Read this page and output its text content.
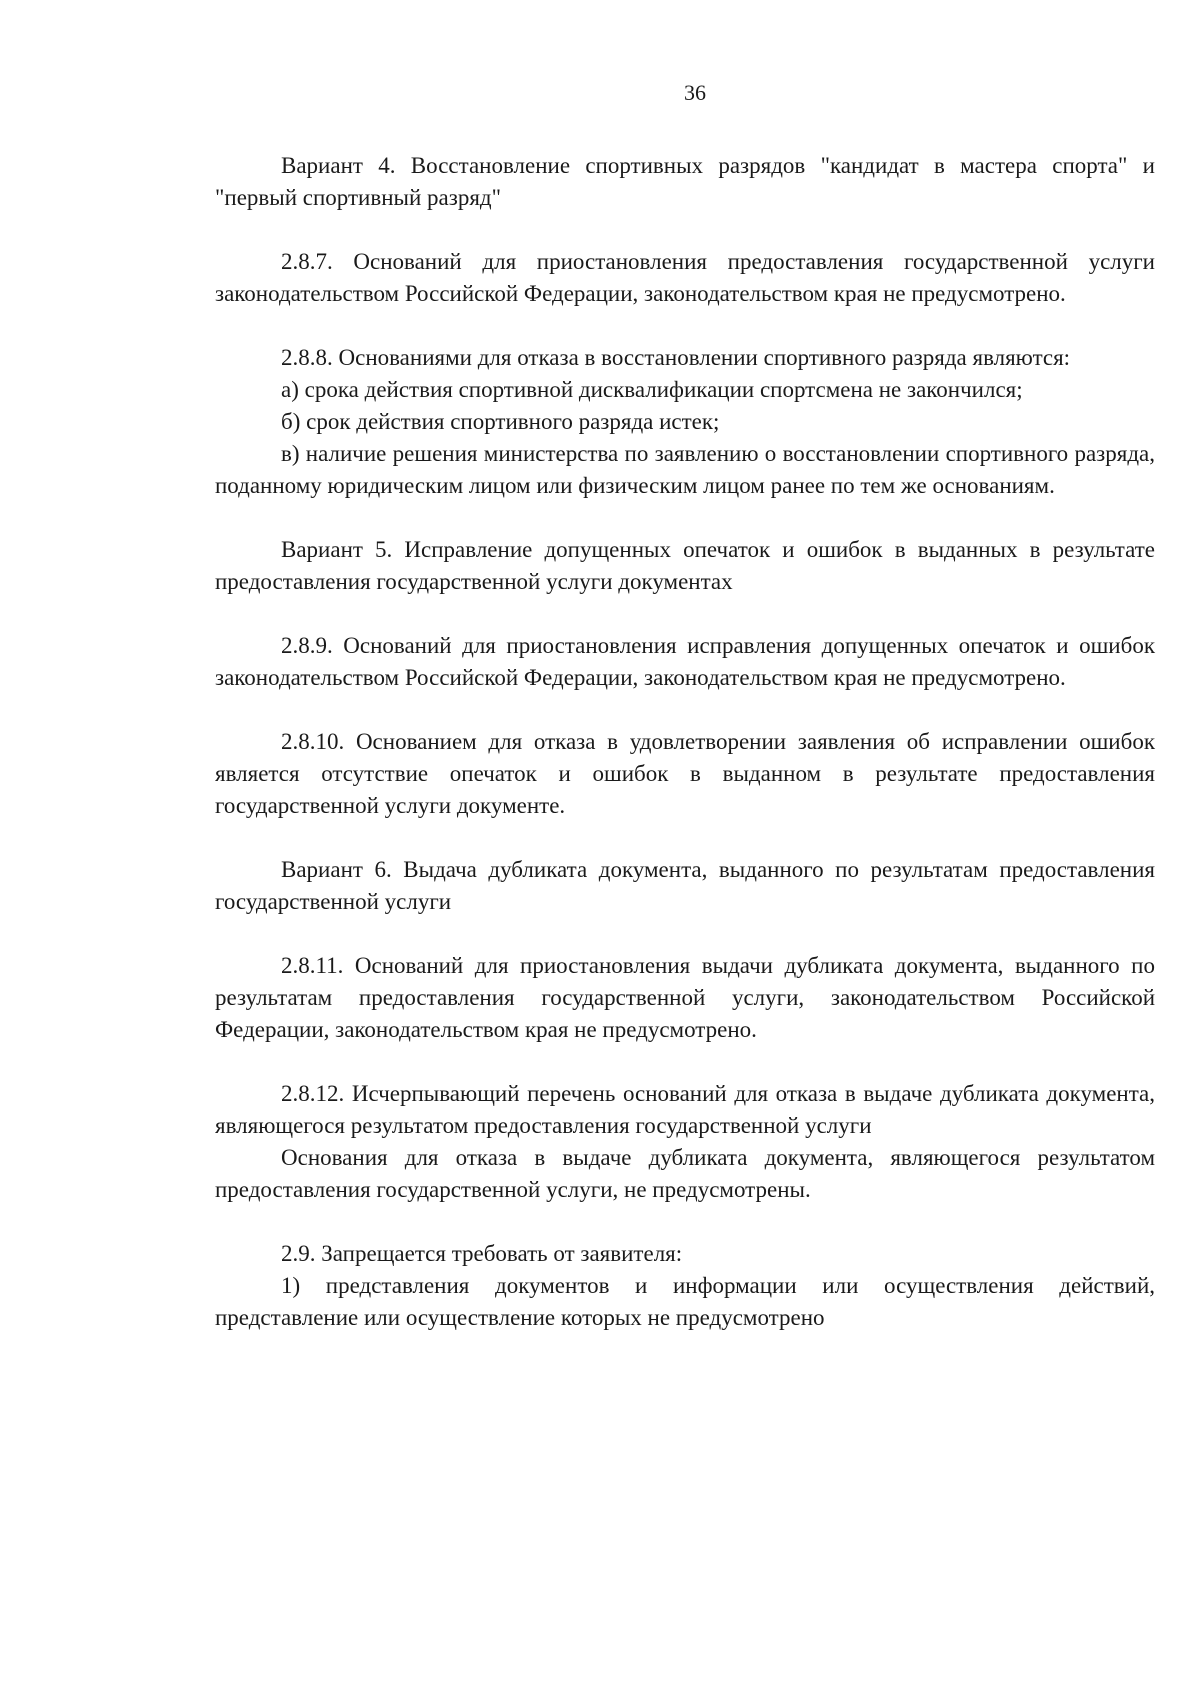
36

Вариант 4. Восстановление спортивных разрядов "кандидат в мастера спорта" и "первый спортивный разряд"

2.8.7. Оснований для приостановления предоставления государственной услуги законодательством Российской Федерации, законодательством края не предусмотрено.

2.8.8. Основаниями для отказа в восстановлении спортивного разряда являются:

а) срока действия спортивной дисквалификации спортсмена не закончился;

б) срок действия спортивного разряда истек;

в) наличие решения министерства по заявлению о восстановлении спортивного разряда, поданному юридическим лицом или физическим лицом ранее по тем же основаниям.

Вариант 5. Исправление допущенных опечаток и ошибок в выданных в результате предоставления государственной услуги документах

2.8.9. Оснований для приостановления исправления допущенных опечаток и ошибок законодательством Российской Федерации, законодательством края не предусмотрено.

2.8.10. Основанием для отказа в удовлетворении заявления об исправлении ошибок является отсутствие опечаток и ошибок в выданном в результате предоставления государственной услуги документе.

Вариант 6. Выдача дубликата документа, выданного по результатам предоставления государственной услуги

2.8.11. Оснований для приостановления выдачи дубликата документа, выданного по результатам предоставления государственной услуги, законодательством Российской Федерации, законодательством края не предусмотрено.

2.8.12. Исчерпывающий перечень оснований для отказа в выдаче дубликата документа, являющегося результатом предоставления государственной услуги

Основания для отказа в выдаче дубликата документа, являющегося результатом предоставления государственной услуги, не предусмотрены.

2.9. Запрещается требовать от заявителя:

1) представления документов и информации или осуществления действий, представление или осуществление которых не предусмотрено
